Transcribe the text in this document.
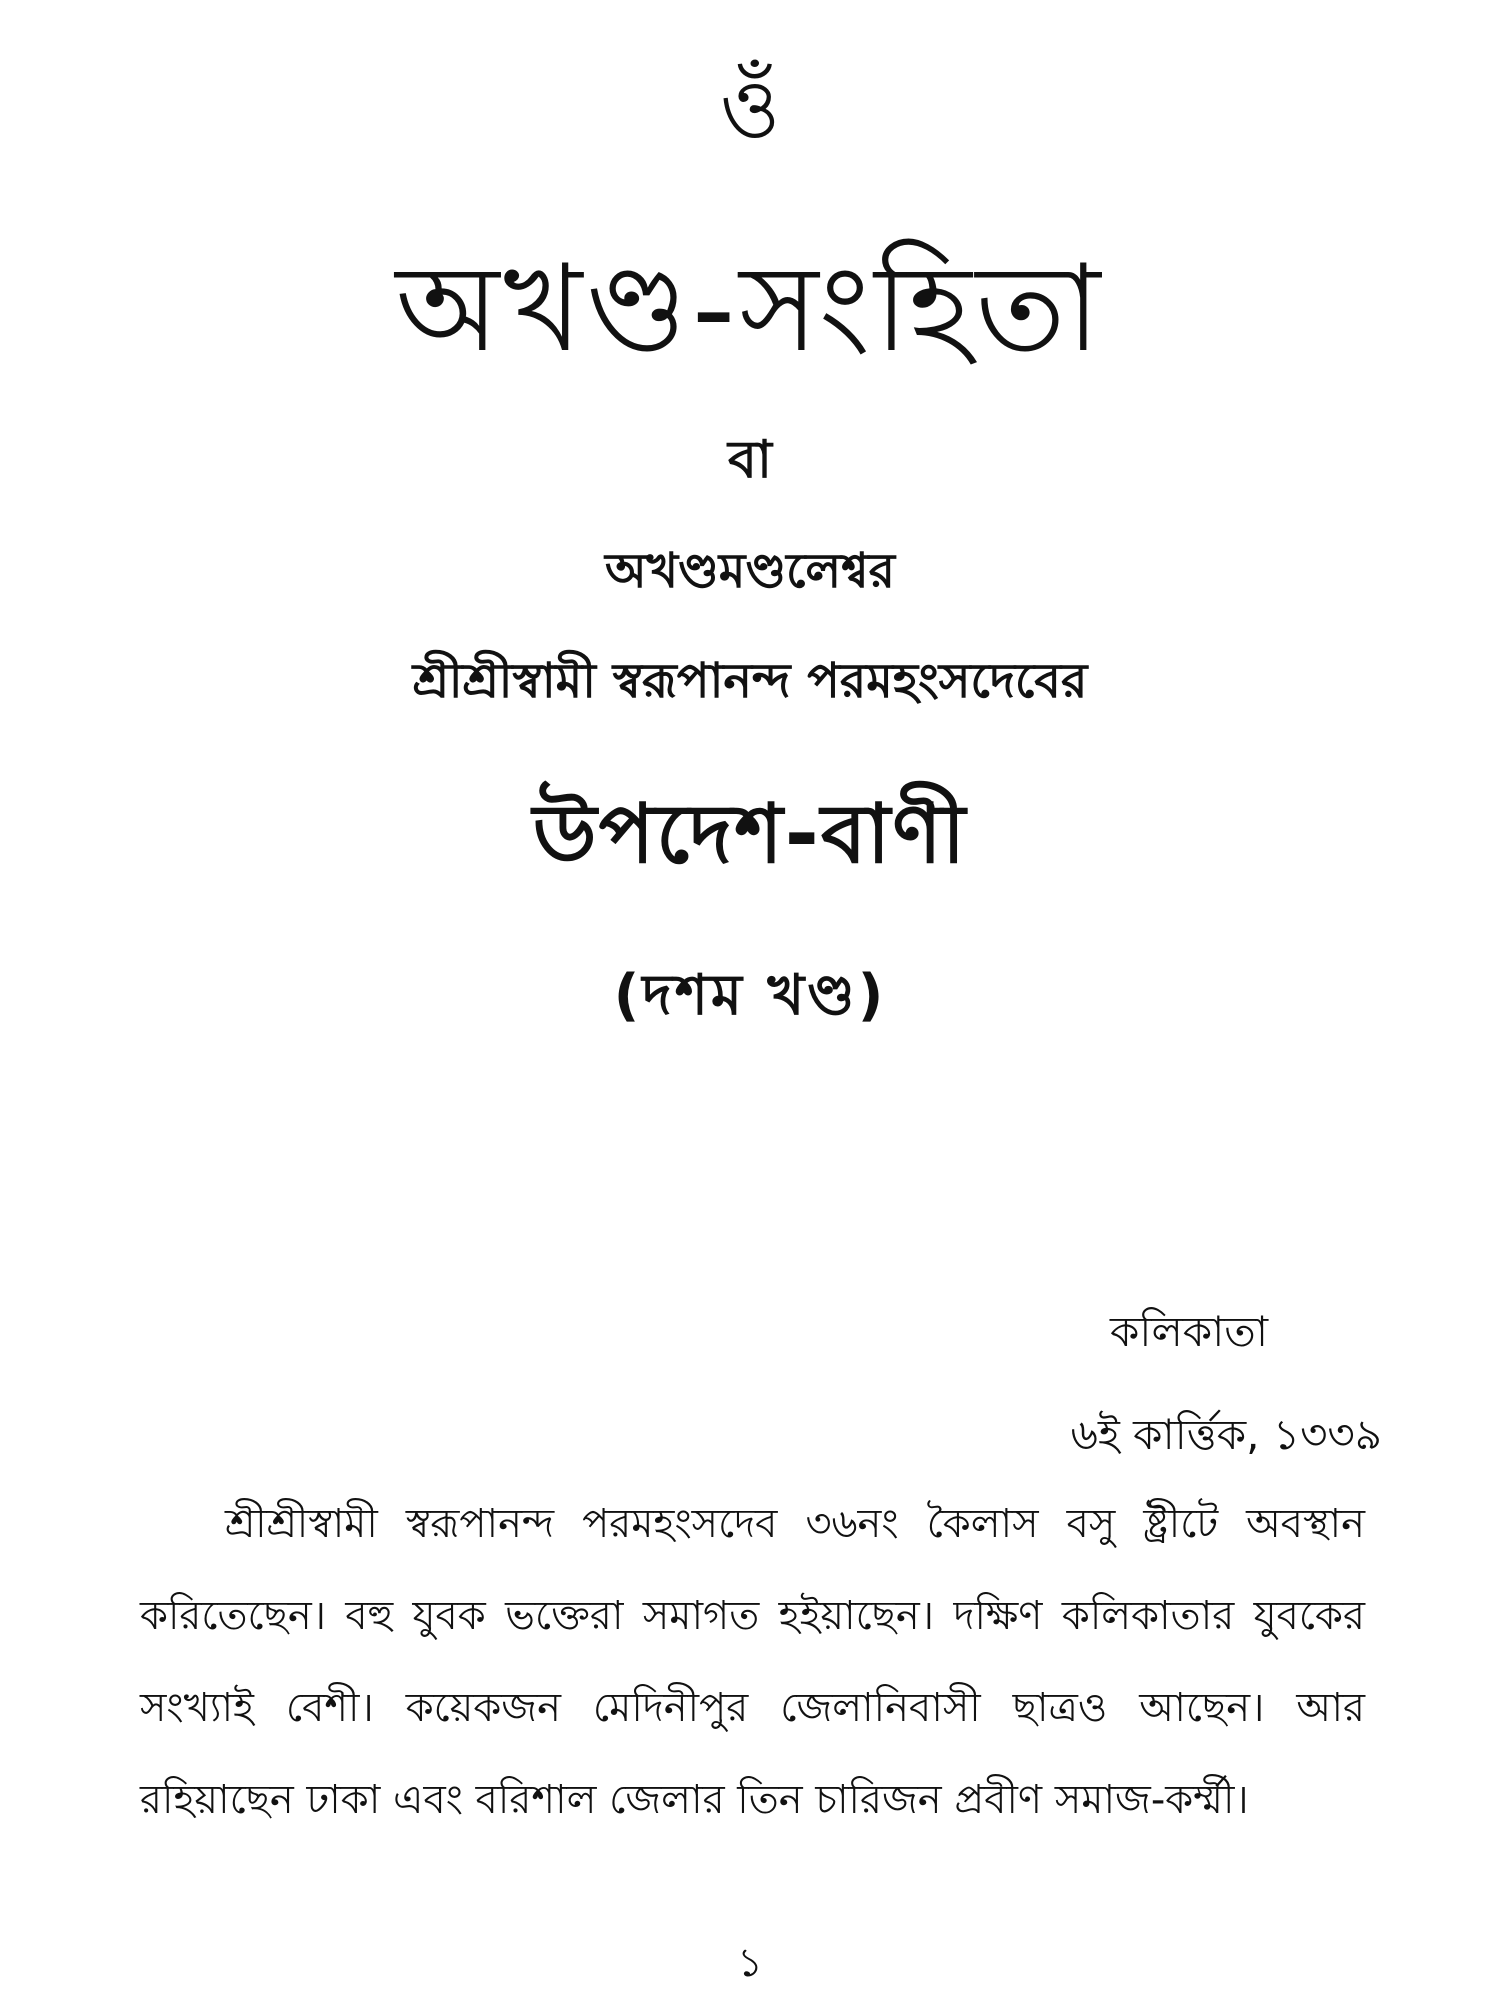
ওঁ
অখণ্ড-সংহিতা
বা
অখণ্ডমণ্ডলেশ্বর
শ্রীশ্রীস্বামী স্বরূপানন্দ পরমহংসদেবের
উপদেশ-বাণী
(দশম খণ্ড)
কলিকাতা
৬ই কার্ত্তিক, ১৩৩৯
শ্রীশ্রীস্বামী স্বরূপানন্দ পরমহংসদেব ৩৬নং কৈলাস বসু ষ্ট্রীটে অবস্থান করিতেছেন। বহু যুবক ভক্তেরা সমাগত হইয়াছেন। দক্ষিণ কলিকাতার যুবকের সংখ্যাই বেশী। কয়েকজন মেদিনীপুর জেলানিবাসী ছাত্রও আছেন। আর রহিয়াছেন ঢাকা এবং বরিশাল জেলার তিন চারিজন প্রবীণ সমাজ-কর্ম্মী।
১
